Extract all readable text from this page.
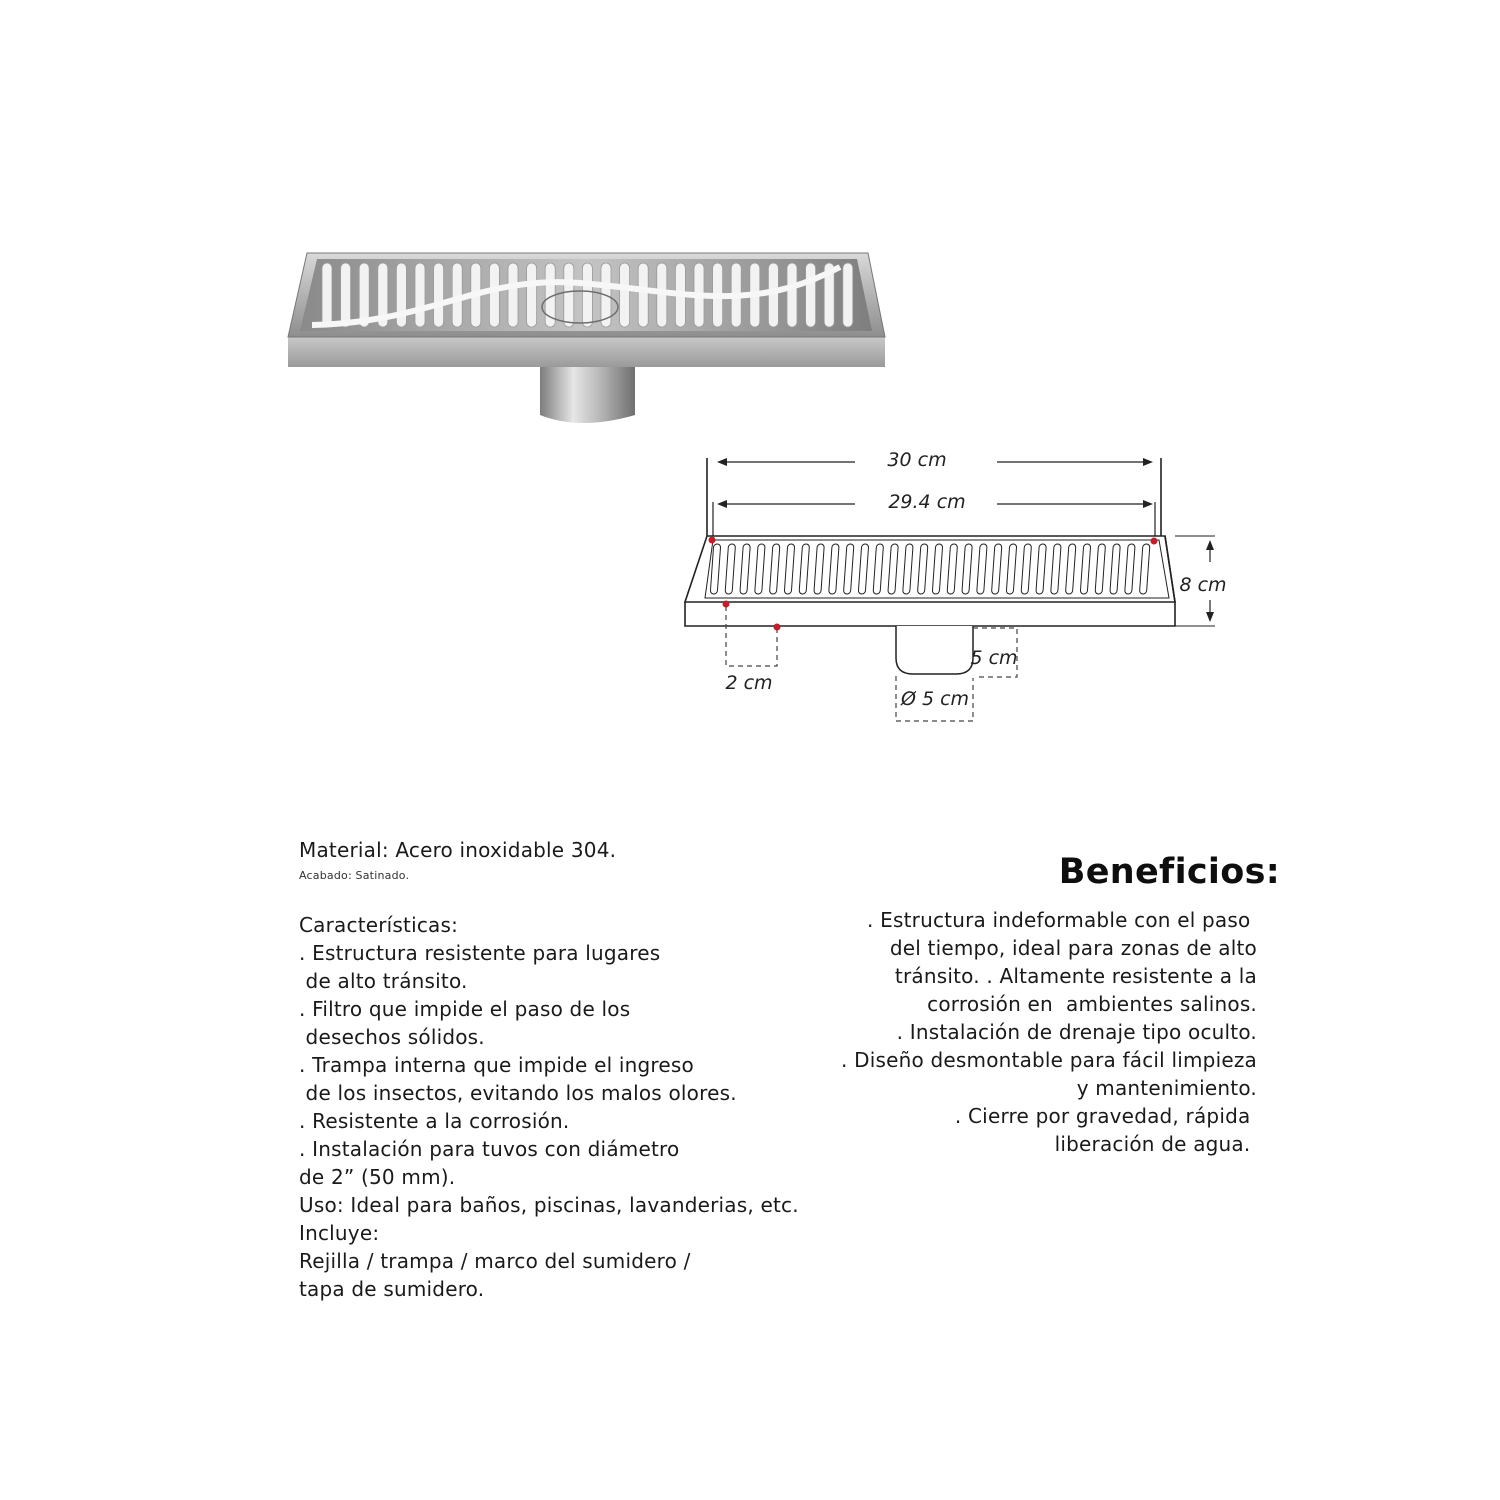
30 cm
29.4 cm
8 cm
2 cm
5 cm
Ø 5 cm
Material: Acero inoxidable 304.
Acabado: Satinado.
Características:
. Estructura resistente para lugares
de alto tránsito.
. Filtro que impide el paso de los
desechos sólidos.
. Trampa interna que impide el ingreso
de los insectos, evitando los malos olores.
. Resistente a la corrosión.
. Instalación para tuvos con diámetro
de 2” (50 mm).
Uso: Ideal para baños, piscinas, lavanderias, etc.
Incluye:
Rejilla / trampa / marco del sumidero /
tapa de sumidero.
Beneficios:
. Estructura indeformable con el paso
del tiempo, ideal para zonas de alto
tránsito. . Altamente resistente a la
corrosión en  ambientes salinos.
. Instalación de drenaje tipo oculto.
. Diseño desmontable para fácil limpieza
y mantenimiento.
. Cierre por gravedad, rápida
liberación de agua.
